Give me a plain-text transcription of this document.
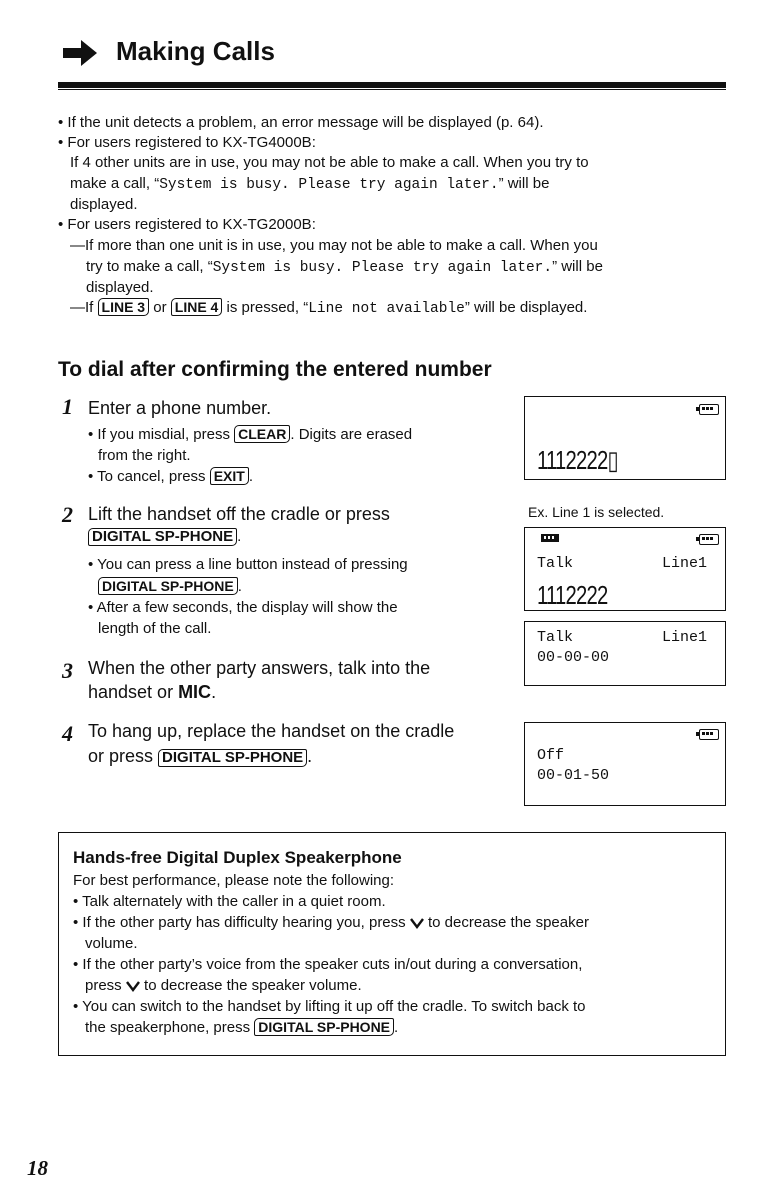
Making Calls
• If the unit detects a problem, an error message will be displayed (p. 64).
• For users registered to KX-TG4000B:
If 4 other units are in use, you may not be able to make a call. When you try to
make a call, “System is busy. Please try again later.” will be
displayed.
• For users registered to KX-TG2000B:
—If more than one unit is in use, you may not be able to make a call. When you
try to make a call, “System is busy. Please try again later.” will be
displayed.
—If LINE 3 or LINE 4 is pressed, “Line not available” will be displayed.
To dial after confirming the entered number
1 Enter a phone number.
• If you misdial, press CLEAR . Digits are erased
from the right.
• To cancel, press EXIT .
2 Lift the handset off the cradle or press
DIGITAL SP-PHONE .
• You can press a line button instead of pressing
DIGITAL SP-PHONE .
• After a few seconds, the display will show the
length of the call.
3 When the other party answers, talk into the
handset or MIC.
4 To hang up, replace the handset on the cradle
or press DIGITAL SP-PHONE .
1112222▯
Ex. Line 1 is selected.
Talk	Line1
1112222
Talk	Line1
00-00-00
Off
00-01-50
Hands-free Digital Duplex Speakerphone
For best performance, please note the following:
• Talk alternately with the caller in a quiet room.
• If the other party has difficulty hearing you, press to decrease the speaker
volume.
• If the other party’s voice from the speaker cuts in/out during a conversation,
press to decrease the speaker volume.
• You can switch to the handset by lifting it up off the cradle. To switch back to
the speakerphone, press DIGITAL SP-PHONE .
18
